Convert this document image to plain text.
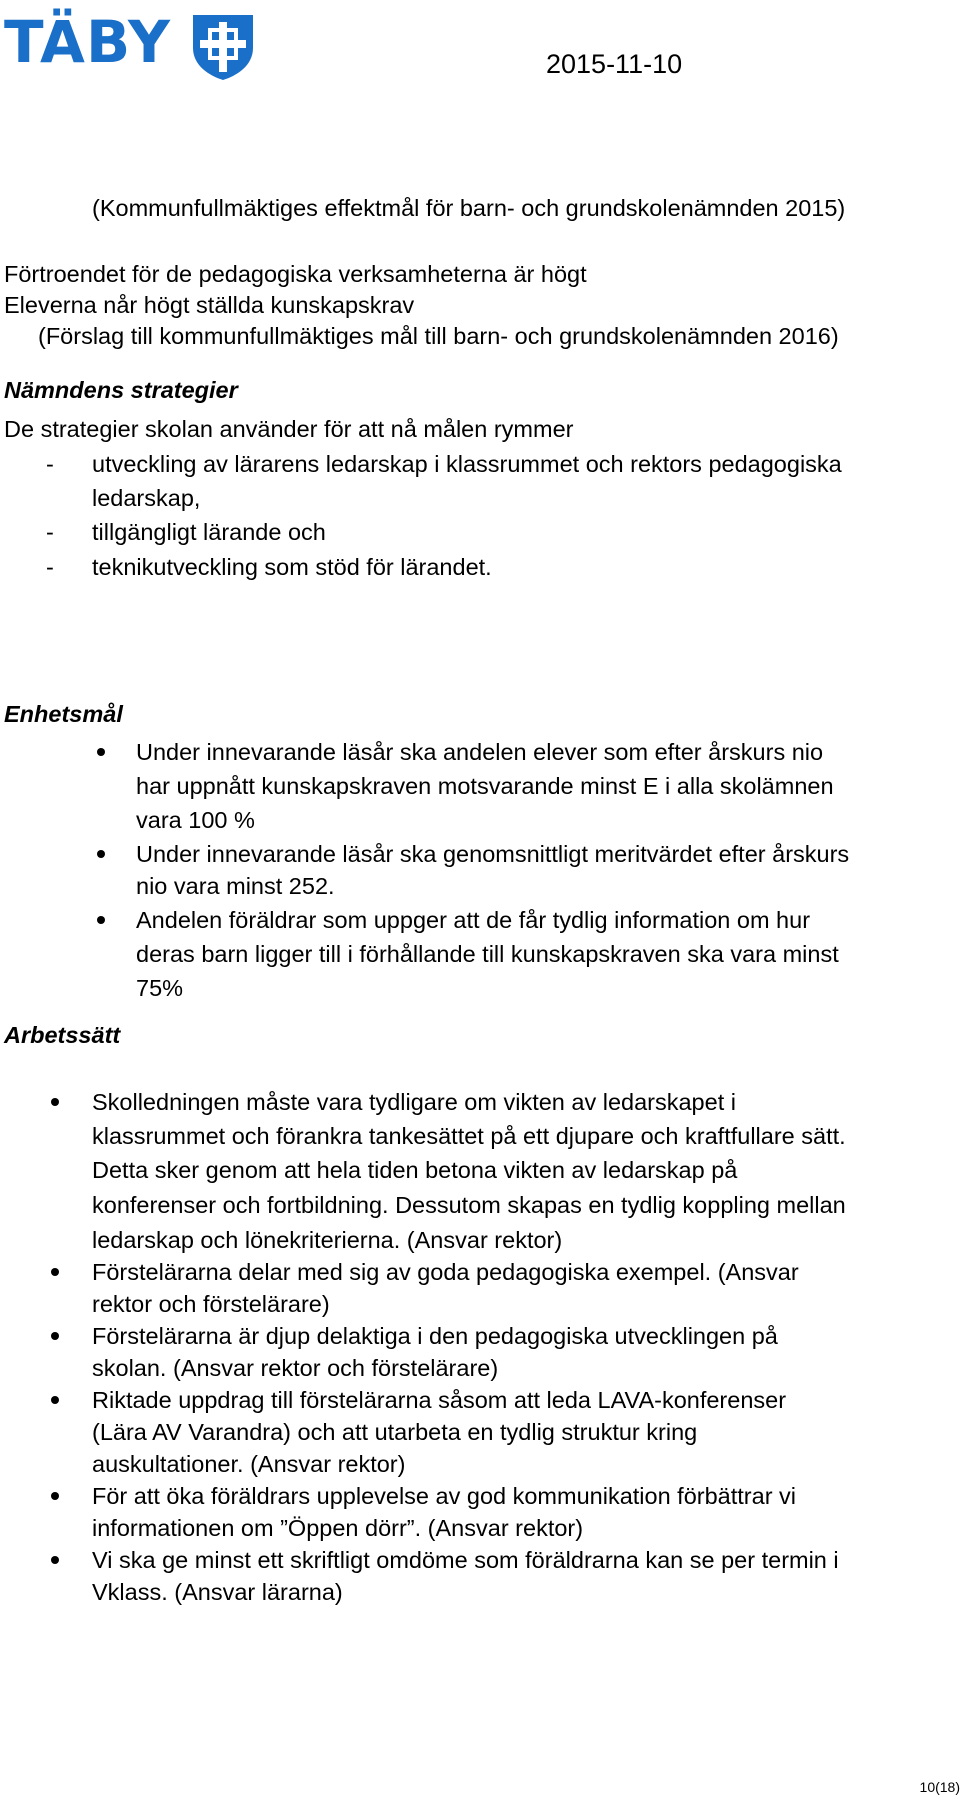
TÄBY	2015-11-10
(Kommunfullmäktiges effektmål för barn- och grundskolenämnden 2015)
Förtroendet för de pedagogiska verksamheterna är högt
Eleverna når högt ställda kunskapskrav
(Förslag till kommunfullmäktiges mål till barn- och grundskolenämnden 2016)
Nämndens strategier
De strategier skolan använder för att nå målen rymmer
- utveckling av lärarens ledarskap i klassrummet och rektors pedagogiska
ledarskap,
- tillgängligt lärande och
- teknikutveckling som stöd för lärandet.
Enhetsmål
Under innevarande läsår ska andelen elever som efter årskurs nio
har uppnått kunskapskraven motsvarande minst E i alla skolämnen
vara 100 %
Under innevarande läsår ska genomsnittligt meritvärdet efter årskurs
nio vara minst 252.
Andelen föräldrar som uppger att de får tydlig information om hur
deras barn ligger till i förhållande till kunskapskraven ska vara minst
75%
Arbetssätt
Skolledningen måste vara tydligare om vikten av ledarskapet i
klassrummet och förankra tankesättet på ett djupare och kraftfullare sätt.
Detta sker genom att hela tiden betona vikten av ledarskap på
konferenser och fortbildning. Dessutom skapas en tydlig koppling mellan
ledarskap och lönekriterierna. (Ansvar rektor)
Förstelärarna delar med sig av goda pedagogiska exempel. (Ansvar
rektor och förstelärare)
Förstelärarna är djup delaktiga i den pedagogiska utvecklingen på
skolan. (Ansvar rektor och förstelärare)
Riktade uppdrag till förstelärarna såsom att leda LAVA-konferenser
(Lära AV Varandra) och att utarbeta en tydlig struktur kring
auskultationer. (Ansvar rektor)
För att öka föräldrars upplevelse av god kommunikation förbättrar vi
informationen om ”Öppen dörr”. (Ansvar rektor)
Vi ska ge minst ett skriftligt omdöme som föräldrarna kan se per termin i
Vklass. (Ansvar lärarna)
10(18)
